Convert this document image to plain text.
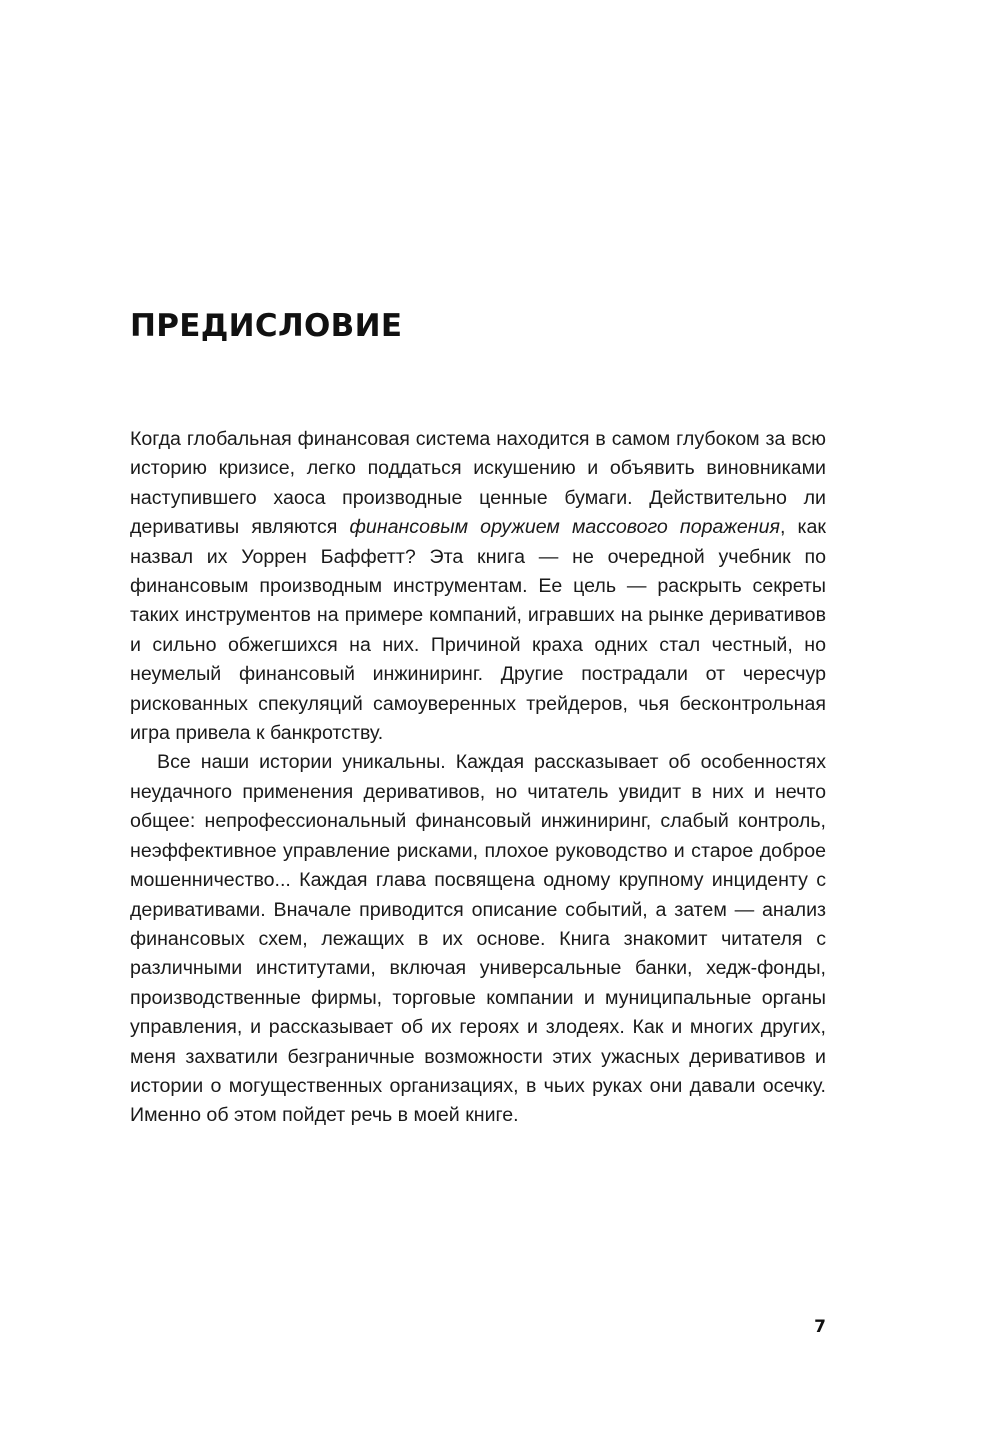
ПРЕДИСЛОВИЕ

Когда глобальная финансовая система находится в самом глубоком за всю историю кризисе, легко поддаться искушению и объявить виновниками наступившего хаоса производные ценные бумаги. Действительно ли деривативы являются финансовым оружием массового поражения, как назвал их Уоррен Баффетт? Эта книга — не очередной учебник по финансовым производным инструментам. Ее цель — раскрыть секреты таких инструментов на примере компаний, игравших на рынке деривативов и сильно обжегшихся на них. Причиной краха одних стал честный, но неумелый финансовый инжиниринг. Другие пострадали от чересчур рискованных спекуляций самоуверенных трейдеров, чья бесконтрольная игра привела к банкротству.

Все наши истории уникальны. Каждая рассказывает об особенностях неудачного применения деривативов, но читатель увидит в них и нечто общее: непрофессиональный финансовый инжиниринг, слабый контроль, неэффективное управление рисками, плохое руководство и старое доброе мошенничество... Каждая глава посвящена одному крупному инциденту с деривативами. Вначале приводится описание событий, а затем — анализ финансовых схем, лежащих в их основе. Книга знакомит читателя с различными институтами, включая универсальные банки, хедж-фонды, производственные фирмы, торговые компании и муниципальные органы управления, и рассказывает об их героях и злодеях. Как и многих других, меня захватили безграничные возможности этих ужасных деривативов и истории о могущественных организациях, в чьих руках они давали осечку. Именно об этом пойдет речь в моей книге.

7
